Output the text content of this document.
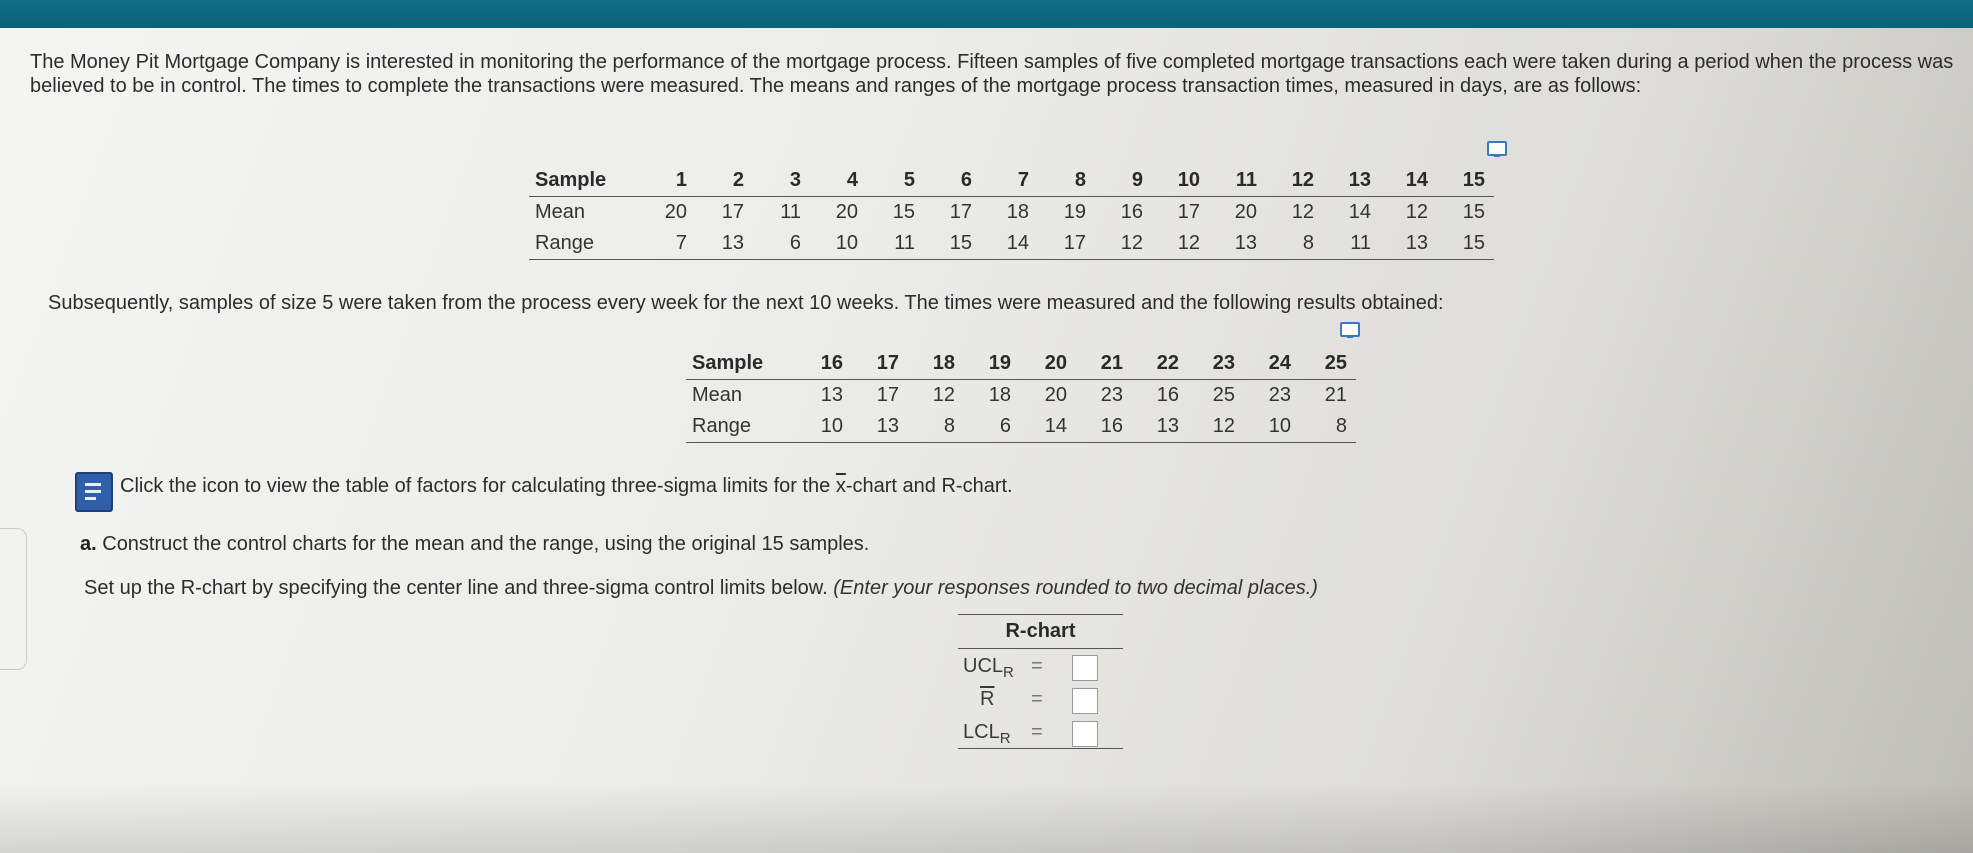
The Money Pit Mortgage Company is interested in monitoring the performance of the mortgage process. Fifteen samples of five completed mortgage transactions each were taken during a period when the process was believed to be in control. The times to complete the transactions were measured. The means and ranges of the mortgage process transaction times, measured in days, are as follows:
Sample	1	2	3	4	5	6	7	8	9	10	11	12	13	14	15
Mean	20	17	11	20	15	17	18	19	16	17	20	12	14	12	15
Range	7	13	6	10	11	15	14	17	12	12	13	8	11	13	15
Subsequently, samples of size 5 were taken from the process every week for the next 10 weeks. The times were measured and the following results obtained:
Sample	16	17	18	19	20	21	22	23	24	25
Mean	13	17	12	18	20	23	16	25	23	21
Range	10	13	8	6	14	16	13	12	10	8
Click the icon to view the table of factors for calculating three-sigma limits for the $\overline{x}$-chart and R-chart.
a. Construct the control charts for the mean and the range, using the original 15 samples.
Set up the R-chart by specifying the center line and three-sigma control limits below. (Enter your responses rounded to two decimal places.)
R-chart
$UCL_R$ =
$\overline{R}$ =
$LCL_R$ =
